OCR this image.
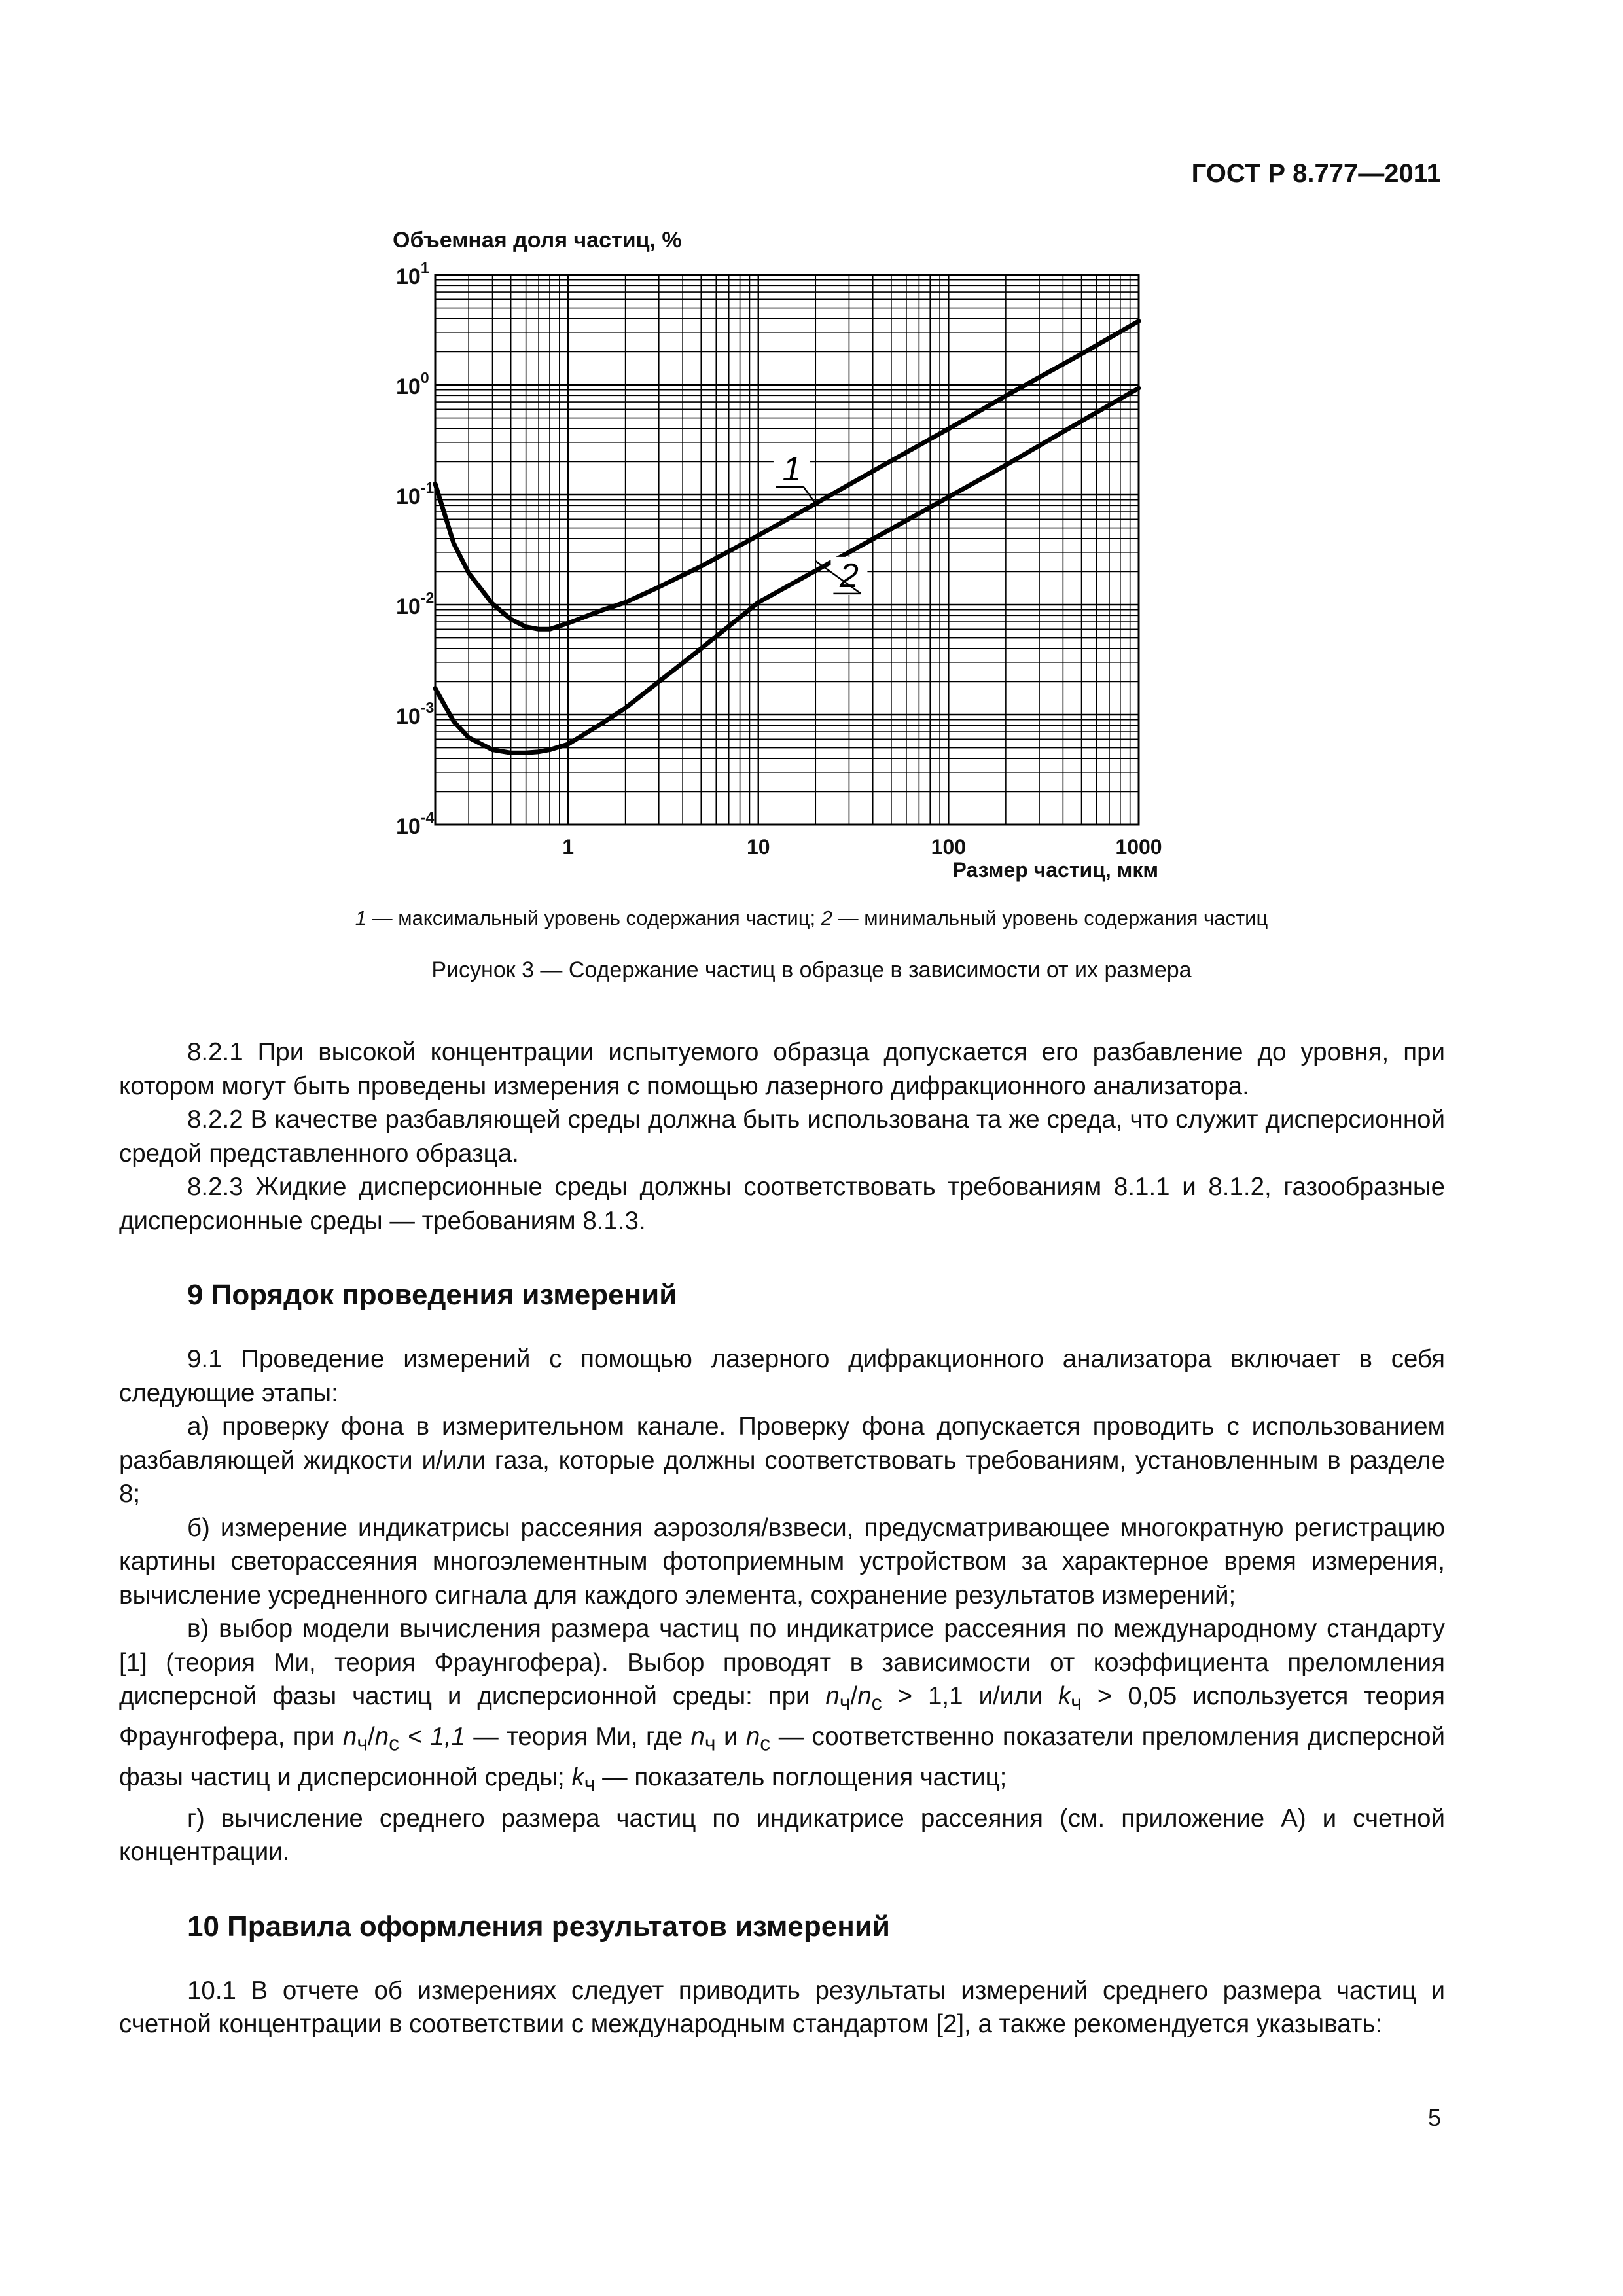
ГОСТ Р 8.777—2011
Объемная доля частиц, %
Размер частиц, мкм
$10^1$
$10^0$
$10^{-1}$
$10^{-2}$
$10^{-3}$
$10^{-4}$
1	10	100	1000
1
2
1 — максимальный уровень содержания частиц; 2 — минимальный уровень содержания частиц
Рисунок 3 — Содержание частиц в образце в зависимости от их размера

8.2.1 При высокой концентрации испытуемого образца допускается его разбавление до уровня, при котором могут быть проведены измерения с помощью лазерного дифракционного анализатора.

8.2.2 В качестве разбавляющей среды должна быть использована та же среда, что служит дисперсионной средой представленного образца.

8.2.3 Жидкие дисперсионные среды должны соответствовать требованиям 8.1.1 и 8.1.2, газообразные дисперсионные среды — требованиям 8.1.3.

9 Порядок проведения измерений

9.1 Проведение измерений с помощью лазерного дифракционного анализатора включает в себя следующие этапы:

а) проверку фона в измерительном канале. Проверку фона допускается проводить с использованием разбавляющей жидкости и/или газа, которые должны соответствовать требованиям, установленным в разделе 8;

б) измерение индикатрисы рассеяния аэрозоля/взвеси, предусматривающее многократную регистрацию картины светорассеяния многоэлементным фотоприемным устройством за характерное время измерения, вычисление усредненного сигнала для каждого элемента, сохранение результатов измерений;

в) выбор модели вычисления размера частиц по индикатрисе рассеяния по международному стандарту [1] (теория Ми, теория Фраунгофера). Выбор проводят в зависимости от коэффициента преломления дисперсной фазы частиц и дисперсионной среды: при $n_ч/n_с > 1,1$ и/или $k_ч > 0,05$ используется теория Фраунгофера, при $n_ч/n_с < 1,1$ — теория Ми, где $n_ч$ и $n_с$ — соответственно показатели преломления дисперсной фазы частиц и дисперсионной среды; $k_ч$ — показатель поглощения частиц;

г) вычисление среднего размера частиц по индикатрисе рассеяния (см. приложение А) и счетной концентрации.

10 Правила оформления результатов измерений

10.1 В отчете об измерениях следует приводить результаты измерений среднего размера частиц и счетной концентрации в соответствии с международным стандартом [2], а также рекомендуется указывать:

5
